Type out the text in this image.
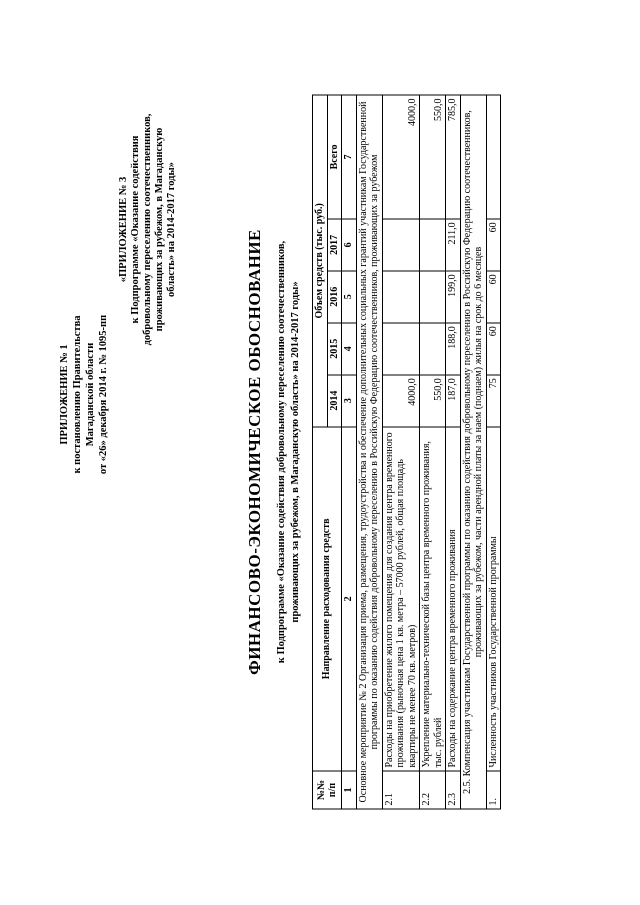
ПРИЛОЖЕНИЕ № 1 к постановлению Правительства Магаданской области от «26» декабря 2014 г. № 1095-пп
«ПРИЛОЖЕНИЕ № 3 к Подпрограмме «Оказание содействия добровольному переселению соотечественников, проживающих за рубежом, в Магаданскую область» на 2014-2017 годы»	ФИНАНСОВО-ЭКОНОМИЧЕСКОЕ ОБОСНОВАНИЕ к Подпрограмме «Оказание содействия добровольному переселению соотечественников, проживающих за рубежом, в Магаданскую область» на 2014-2017 годы»
№№ п/п	Направление расходования средств	Объем средств (тыс. руб.)				
		2014	2015	2016	2017	Всего
1	2	3	4	5	6	7
Основное мероприятие № 2 Организация приема, размещения, трудоустройства и обеспечение дополнительных социальных гарантий участникам Государственной программы по оказанию содействия добровольному переселению в Российскую Федерацию соотечественников, проживающих за рубежом						
2.1	Расходы на приобретение жилого помещения для создания центра временного проживания (рыночная цена 1 кв. метра – 57000 рублей, общая площадь квартиры не менее 70 кв. метров)	4000,0				4000,0
2.2	Укрепление материально-технической базы центра временного проживания, тыс. рублей	550,0				550,0
2.3	Расходы на содержание центра временного проживания	187,0	188,0	199,0	211,0	785,0
2.5. Компенсация участникам Государственной программы по оказанию содействия добровольному переселению в Российскую Федерацию соотечественников, проживающих за рубежом, части арендной платы за наем (поднаем) жилья на срок до 6 месяцев						
1.	Численность участников Государственной программы	75	60	60	60	
